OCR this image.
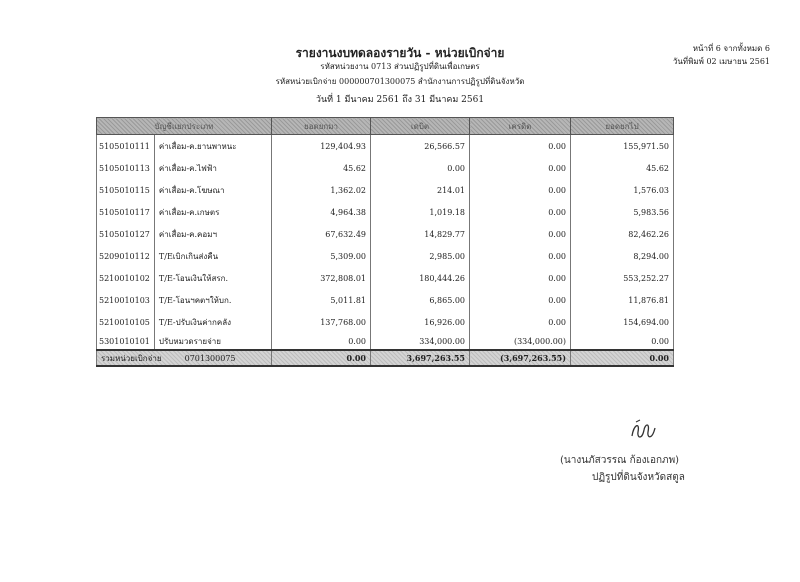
รายงานงบทดลองรายวัน - หน่วยเบิกจ่าย
รหัสหน่วยงาน 0713 ส่วนปฏิรูปที่ดินเพื่อเกษตร
รหัสหน่วยเบิกจ่าย 000000701300075 สำนักงานการปฏิรูปที่ดินจังหวัด
วันที่ 1 มีนาคม 2561 ถึง 31 มีนาคม 2561
หน้าที่ 6 จากทั้งหมด 6
วันที่พิมพ์ 02 เมษายน 2561
บัญชีแยกประเภท		ยอดยกมา	เดบิต	เครดิต	ยอดยกไป
5105010111	ค่าเสื่อม-ค.ยานพาหนะ	129,404.93	26,566.57	0.00	155,971.50
5105010113	ค่าเสื่อม-ค.ไฟฟ้า	45.62	0.00	0.00	45.62
5105010115	ค่าเสื่อม-ค.โฆษณา	1,362.02	214.01	0.00	1,576.03
5105010117	ค่าเสื่อม-ค.เกษตร	4,964.38	1,019.18	0.00	5,983.56
5105010127	ค่าเสื่อม-ค.คอมฯ	67,632.49	14,829.77	0.00	82,462.26
5209010112	T/Eเบิกเกินส่งคืน	5,309.00	2,985.00	0.00	8,294.00
5210010102	T/E-โอนเงินให้สรก.	372,808.01	180,444.26	0.00	553,252.27
5210010103	T/E-โอนฯคตฯให้บก.	5,011.81	6,865.00	0.00	11,876.81
5210010105	T/E-ปรับเงินค่ากคลัง	137,768.00	16,926.00	0.00	154,694.00
5301010101	ปรับหมวดรายจ่าย	0.00	334,000.00	(334,000.00)	0.00
รวมหน่วยเบิกจ่าย 0701300075		0.00	3,697,263.55	(3,697,263.55)	0.00
(นางนภัสวรรณ ก้องเอกภพ)
ปฏิรูปที่ดินจังหวัดสตูล
